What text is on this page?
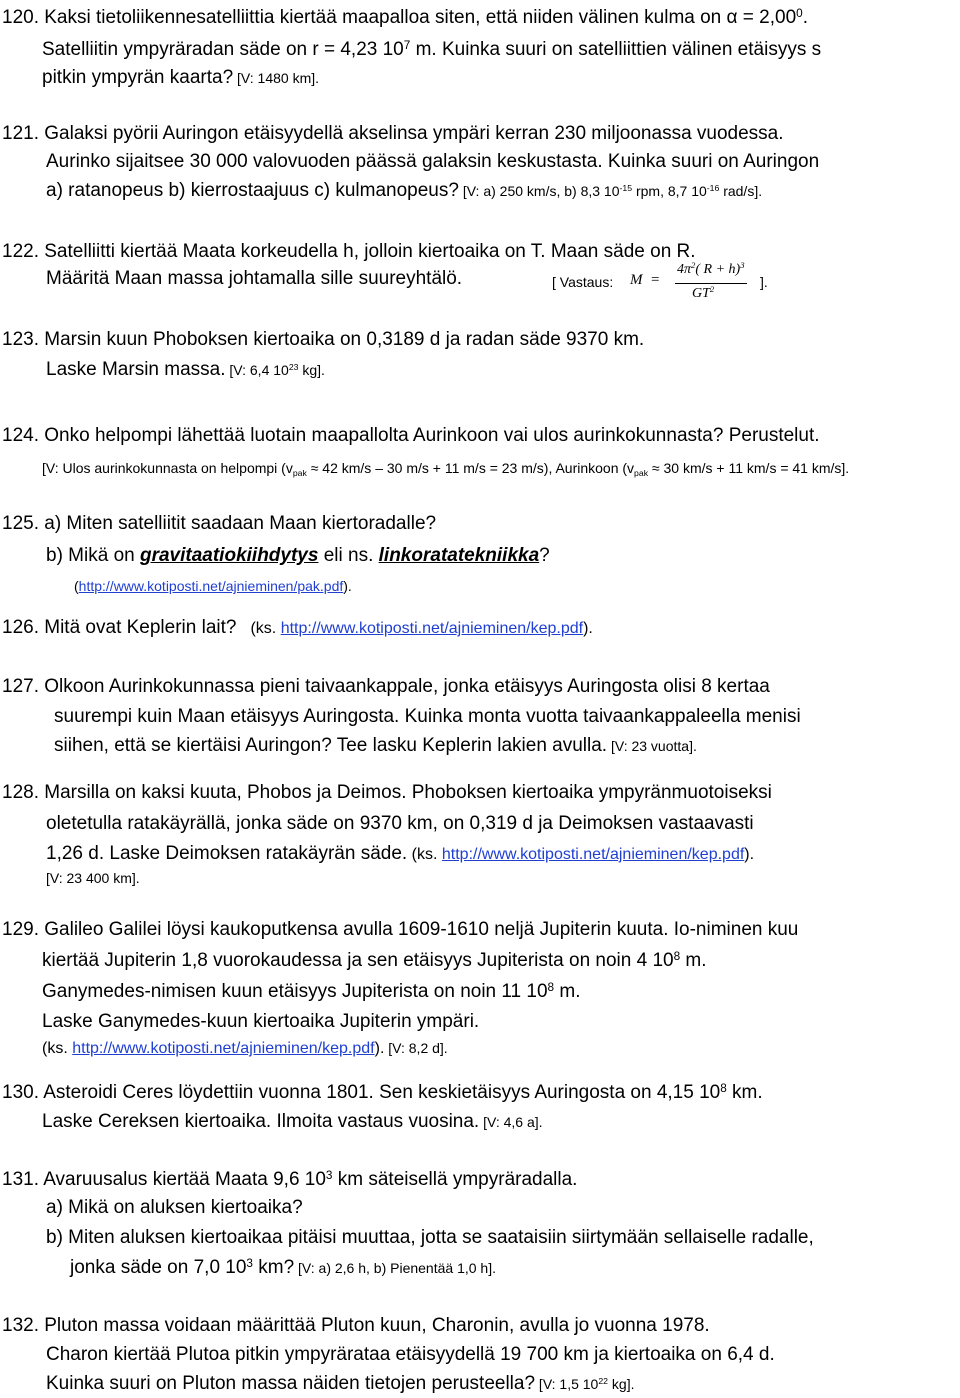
120. Kaksi tietoliikennesatelliittia kiertää maapalloa siten, että niiden välinen kulma on $\alpha = 2,00^0$.
Satelliitin ympyräradan säde on r = 4,23 $10^7$ m. Kuinka suuri on satelliittien välinen etäisyys s
pitkin ympyrän kaarta? [V: 1480 km].
121. Galaksi pyörii Auringon etäisyydellä akselinsa ympäri kerran 230 miljoonassa vuodessa.
Aurinko sijaitsee 30 000 valovuoden päässä galaksin keskustasta. Kuinka suuri on Auringon
a) ratanopeus b) kierrostaajuus c) kulmanopeus? [V: a) 250 km/s, b) 8,3 $10^{-15}$ rpm, 8,7 $10^{-16}$ rad/s].
122. Satelliitti kiertää Maata korkeudella h, jolloin kiertoaika on T. Maan säde on R.
Määritä Maan massa johtamalla sille suureyhtälö.	[ Vastaus: M =
$4\pi^2$( R + h)$^3$
$GT^2$	].
123. Marsin kuun Phoboksen kiertoaika on 0,3189 d ja radan säde 9370 km.
Laske Marsin massa. [V: 6,4 $10^{23}$ kg].
124. Onko helpompi lähettää luotain maapallolta Aurinkoon vai ulos aurinkokunnasta? Perustelut.
[V: Ulos aurinkokunnasta on helpompi ($v_{pak} \approx 42$ km/s – 30 m/s + 11 m/s = 23 m/s), Aurinkoon ($v_{pak} \approx 30$ km/s + 11 km/s = 41 km/s].
125. a) Miten satelliitit saadaan Maan kiertoradalle?
b) Mikä on gravitaatiokiihdytys eli ns. linkoratatekniikka?
(http://www.kotiposti.net/ajnieminen/pak.pdf).
126. Mitä ovat Keplerin lait? (ks. http://www.kotiposti.net/ajnieminen/kep.pdf).
127. Olkoon Aurinkokunnassa pieni taivaankappale, jonka etäisyys Auringosta olisi 8 kertaa
suurempi kuin Maan etäisyys Auringosta. Kuinka monta vuotta taivaankappaleella menisi
siihen, että se kiertäisi Auringon? Tee lasku Keplerin lakien avulla. [V: 23 vuotta].
128. Marsilla on kaksi kuuta, Phobos ja Deimos. Phoboksen kiertoaika ympyränmuotoiseksi
oletetulla ratakäyrällä, jonka säde on 9370 km, on 0,319 d ja Deimoksen vastaavasti
1,26 d. Laske Deimoksen ratakäyrän säde. (ks. http://www.kotiposti.net/ajnieminen/kep.pdf).
[V: 23 400 km].
129. Galileo Galilei löysi kaukoputkensa avulla 1609-1610 neljä Jupiterin kuuta. Io-niminen kuu
kiertää Jupiterin 1,8 vuorokaudessa ja sen etäisyys Jupiterista on noin 4 $10^8$ m.
Ganymedes-nimisen kuun etäisyys Jupiterista on noin 11 $10^8$ m.
Laske Ganymedes-kuun kiertoaika Jupiterin ympäri.
(ks. http://www.kotiposti.net/ajnieminen/kep.pdf). [V: 8,2 d].
130. Asteroidi Ceres löydettiin vuonna 1801. Sen keskietäisyys Auringosta on 4,15 $10^8$ km.
Laske Cereksen kiertoaika. Ilmoita vastaus vuosina. [V: 4,6 a].
131. Avaruusalus kiertää Maata 9,6 $10^3$ km säteisellä ympyräradalla.
a) Mikä on aluksen kiertoaika?
b) Miten aluksen kiertoaikaa pitäisi muuttaa, jotta se saataisiin siirtymään sellaiselle radalle,
jonka säde on 7,0 $10^3$ km? [V: a) 2,6 h, b) Pienentää 1,0 h].
132. Pluton massa voidaan määrittää Pluton kuun, Charonin, avulla jo vuonna 1978.
Charon kiertää Plutoa pitkin ympyrärataa etäisyydellä 19 700 km ja kiertoaika on 6,4 d.
Kuinka suuri on Pluton massa näiden tietojen perusteella? [V: 1,5 $10^{22}$ kg].
